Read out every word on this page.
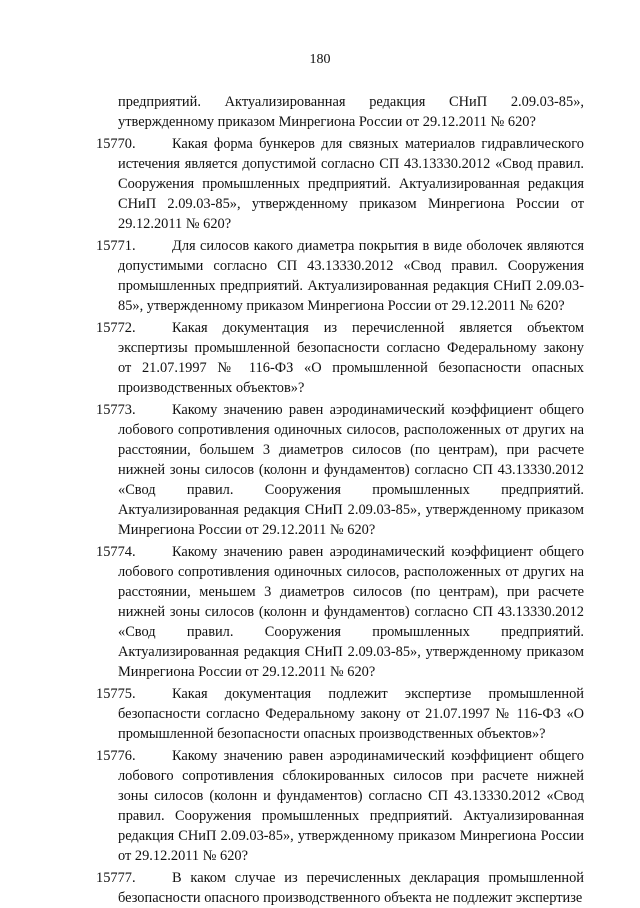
180
предприятий. Актуализированная редакция СНиП 2.09.03-85», утвержденному приказом Минрегиона России от 29.12.2011 № 620?
15770.	Какая форма бункеров для связных материалов гидравлического истечения является допустимой согласно СП 43.13330.2012 «Свод правил. Сооружения промышленных предприятий. Актуализированная редакция СНиП 2.09.03-85», утвержденному приказом Минрегиона России от 29.12.2011 № 620?
15771.	Для силосов какого диаметра покрытия в виде оболочек являются допустимыми согласно СП 43.13330.2012 «Свод правил. Сооружения промышленных предприятий. Актуализированная редакция СНиП 2.09.03-85», утвержденному приказом Минрегиона России от 29.12.2011 № 620?
15772.	Какая документация из перечисленной является объектом экспертизы промышленной безопасности согласно Федеральному закону от 21.07.1997 № 116-ФЗ «О промышленной безопасности опасных производственных объектов»?
15773.	Какому значению равен аэродинамический коэффициент общего лобового сопротивления одиночных силосов, расположенных от других на расстоянии, большем 3 диаметров силосов (по центрам), при расчете нижней зоны силосов (колонн и фундаментов) согласно СП 43.13330.2012 «Свод правил. Сооружения промышленных предприятий. Актуализированная редакция СНиП 2.09.03-85», утвержденному приказом Минрегиона России от 29.12.2011 № 620?
15774.	Какому значению равен аэродинамический коэффициент общего лобового сопротивления одиночных силосов, расположенных от других на расстоянии, меньшем 3 диаметров силосов (по центрам), при расчете нижней зоны силосов (колонн и фундаментов) согласно СП 43.13330.2012 «Свод правил. Сооружения промышленных предприятий. Актуализированная редакция СНиП 2.09.03-85», утвержденному приказом Минрегиона России от 29.12.2011 № 620?
15775.	Какая документация подлежит экспертизе промышленной безопасности согласно Федеральному закону от 21.07.1997 № 116-ФЗ «О промышленной безопасности опасных производственных объектов»?
15776.	Какому значению равен аэродинамический коэффициент общего лобового сопротивления сблокированных силосов при расчете нижней зоны силосов (колонн и фундаментов) согласно СП 43.13330.2012 «Свод правил. Сооружения промышленных предприятий. Актуализированная редакция СНиП 2.09.03-85», утвержденному приказом Минрегиона России от 29.12.2011 № 620?
15777.	В каком случае из перечисленных декларация промышленной безопасности опасного производственного объекта не подлежит экспертизе
